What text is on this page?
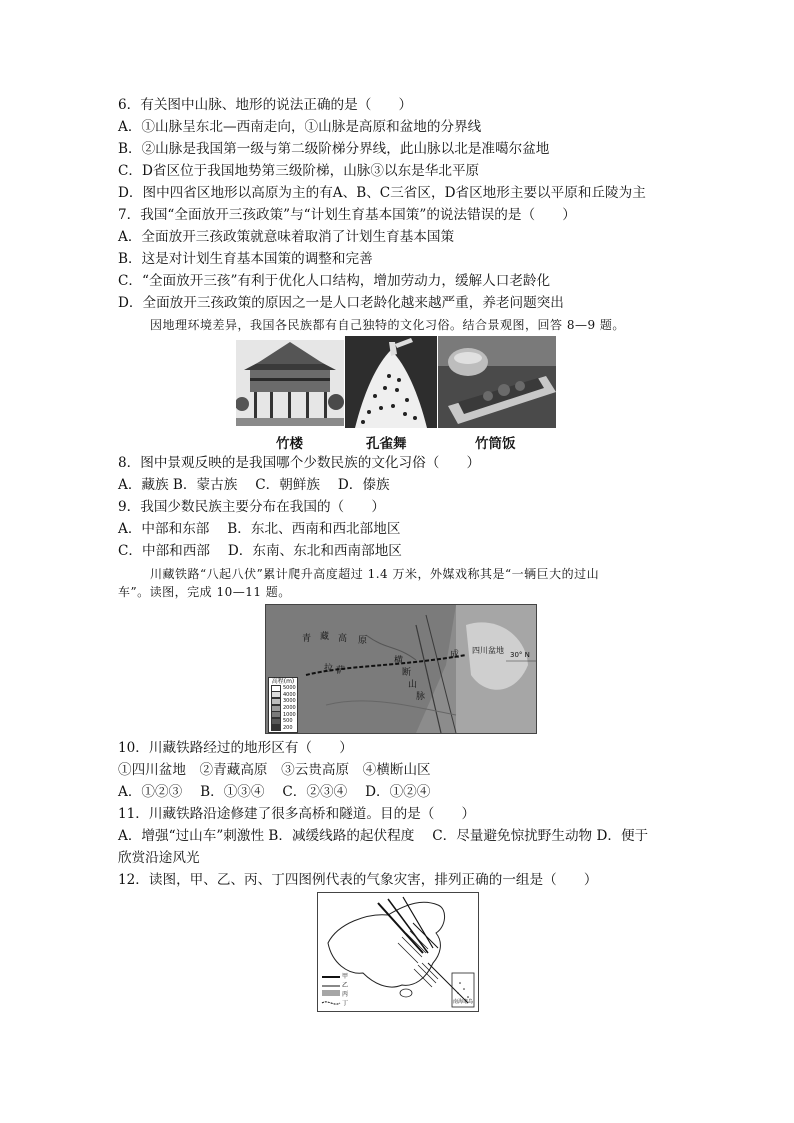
6．有关图中山脉、地形的说法正确的是（　　）
A．①山脉呈东北—西南走向，①山脉是高原和盆地的分界线
B．②山脉是我国第一级与第二级阶梯分界线，此山脉以北是准噶尔盆地
C．D省区位于我国地势第三级阶梯，山脉③以东是华北平原
D．图中四省区地形以高原为主的有A、B、C三省区，D省区地形主要以平原和丘陵为主
7．我国“全面放开三孩政策”与“计划生育基本国策”的说法错误的是（　　）
A．全面放开三孩政策就意味着取消了计划生育基本国策
B．这是对计划生育基本国策的调整和完善
C．“全面放开三孩”有利于优化人口结构，增加劳动力，缓解人口老龄化
D．全面放开三孩政策的原因之一是人口老龄化越来越严重，养老问题突出
因地理环境差异，我国各民族都有自己独特的文化习俗。结合景观图，回答 8—9 题。
竹楼	孔雀舞	竹筒饭
8．图中景观反映的是我国哪个少数民族的文化习俗（　　）
A．藏族 B．蒙古族　 C．朝鲜族　 D．傣族
9．我国少数民族主要分布在我国的（　　）
A．中部和东部　 B．东北、西南和西北部地区
C．中部和西部　 D．东南、东北和西南部地区
川藏铁路“八起八伏”累计爬升高度超过 1.4 万米，外媒戏称其是“一辆巨大的过山
车”。读图，完成 10—11 题。
高程(m)
5000
4000
3000
2000
1000
500
200
30° N
四川盆地
青 藏 高 原
拉 萨
横
断
山
脉
成
10．川藏铁路经过的地形区有（　　）
①四川盆地　②青藏高原　③云贵高原　④横断山区
A．①②③　 B．①③④　 C．②③④　 D．①②④
11．川藏铁路沿途修建了很多高桥和隧道。目的是（　　）
A．增强“过山车”刺激性 B．减缓线路的起伏程度　 C．尽量避免惊扰野生动物 D．便于
欣赏沿途风光
12．读图，甲、乙、丙、丁四图例代表的气象灾害，排列正确的一组是（　　）
甲
乙
丙
丁	南海诸岛
